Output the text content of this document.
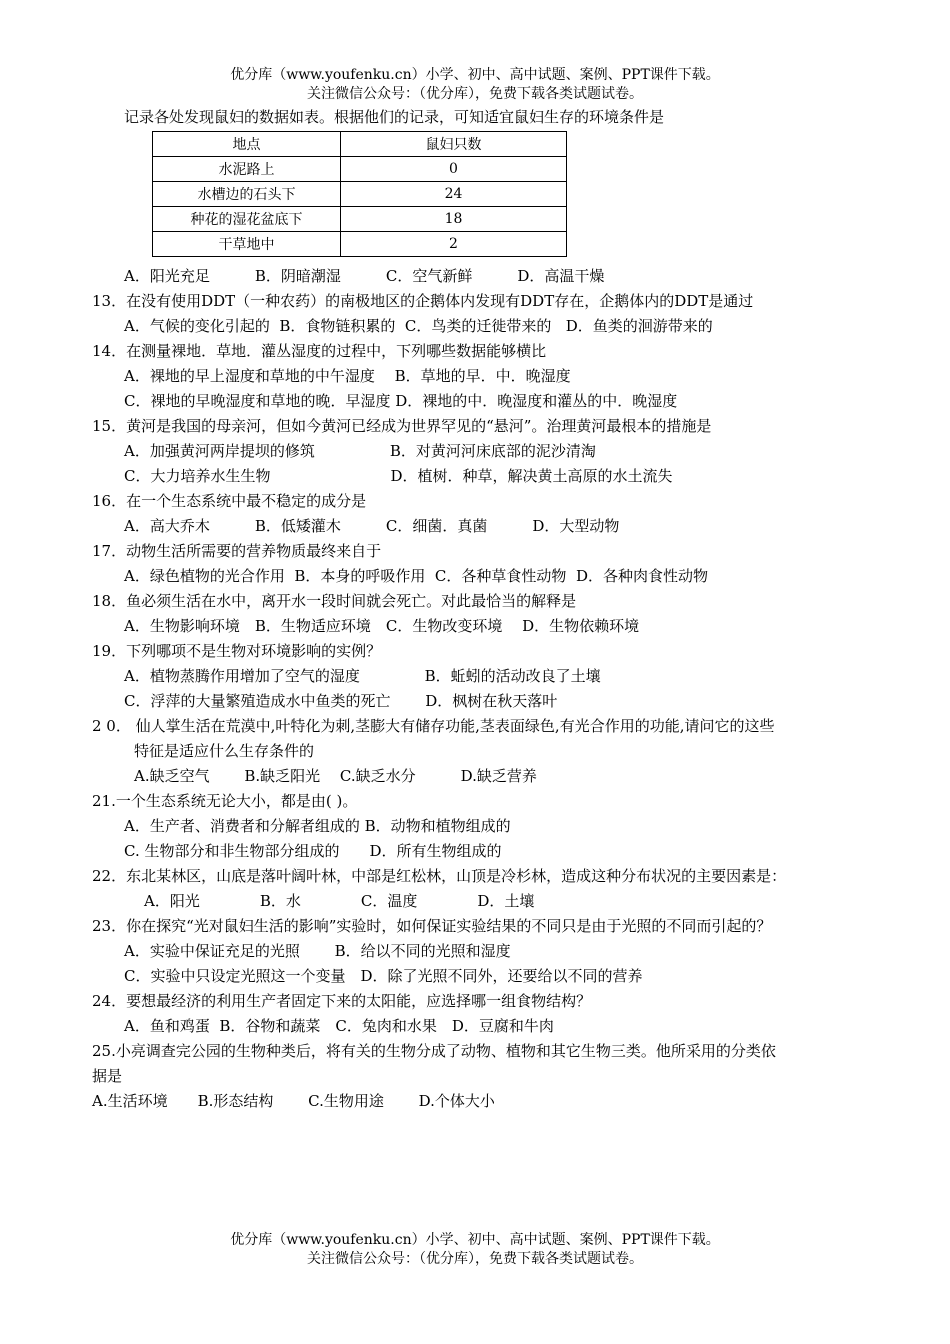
优分库（www.youfenku.cn）小学、初中、高中试题、案例、PPT课件下载。
关注微信公众号：（优分库），免费下载各类试题试卷。
记录各处发现鼠妇的数据如表。根据他们的记录，可知适宜鼠妇生存的环境条件是
地点	鼠妇只数
水泥路上	0
水槽边的石头下	24
种花的湿花盆底下	18
干草地中	2
A．阳光充足　　　B．阴暗潮湿　　　C．空气新鲜　　　D．高温干燥
13．在没有使用DDT（一种农药）的南极地区的企鹅体内发现有DDT存在，企鹅体内的DDT是通过
A．气候的变化引起的  B．食物链积累的  C．鸟类的迁徙带来的   D．鱼类的洄游带来的
14．在测量裸地．草地．灌丛湿度的过程中，下列哪些数据能够横比
A．裸地的早上湿度和草地的中午湿度　 B．草地的早．中．晚湿度
C．裸地的早晚湿度和草地的晚．早湿度 D．裸地的中．晚湿度和灌丛的中．晚湿度
15．黄河是我国的母亲河，但如今黄河已经成为世界罕见的“悬河”。治理黄河最根本的措施是
A．加强黄河两岸提坝的修筑　　　　　B．对黄河河床底部的泥沙清淘
C．大力培养水生生物　　　　　　　　D．植树．种草，解决黄土高原的水土流失
16．在一个生态系统中最不稳定的成分是
A．高大乔木　　　B．低矮灌木　　　C．细菌．真菌　　　D．大型动物
17．动物生活所需要的营养物质最终来自于
A．绿色植物的光合作用  B．本身的呼吸作用  C．各种草食性动物  D．各种肉食性动物
18．鱼必须生活在水中，离开水一段时间就会死亡。对此最恰当的解释是
A．生物影响环境　B．生物适应环境　C．生物改变环境　 D．生物依赖环境
19．下列哪项不是生物对环境影响的实例？
A．植物蒸腾作用增加了空气的湿度　　　　 B．蚯蚓的活动改良了土壤
C．浮萍的大量繁殖造成水中鱼类的死亡　　 D．枫树在秋天落叶
2 0． 仙人掌生活在荒漠中,叶特化为刺,茎膨大有储存功能,茎表面绿色,有光合作用的功能,请问它的这些
特征是适应什么生存条件的
A.缺乏空气　　 B.缺乏阳光　 C.缺乏水分　　　D.缺乏营养
21.一个生态系统无论大小，都是由( )。
A．生产者、消费者和分解者组成的 B．动物和植物组成的
C. 生物部分和非生物部分组成的　　D．所有生物组成的
22．东北某林区，山底是落叶阔叶林，中部是红松林，山顶是冷杉林，造成这种分布状况的主要因素是：
A．阳光　　　　B．水　　　　C．温度　　　　D．土壤
23．你在探究“光对鼠妇生活的影响”实验时，如何保证实验结果的不同只是由于光照的不同而引起的？
A．实验中保证充足的光照　　 B．给以不同的光照和湿度
C．实验中只设定光照这一个变量　D．除了光照不同外，还要给以不同的营养
24．要想最经济的利用生产者固定下来的太阳能，应选择哪一组食物结构？
A．鱼和鸡蛋  B．谷物和蔬菜　C．兔肉和水果　D．豆腐和牛肉
25.小亮调查完公园的生物种类后，将有关的生物分成了动物、植物和其它生物三类。他所采用的分类依
据是
A.生活环境　　B.形态结构　　 C.生物用途　　 D.个体大小
优分库（www.youfenku.cn）小学、初中、高中试题、案例、PPT课件下载。
关注微信公众号：（优分库），免费下载各类试题试卷。
